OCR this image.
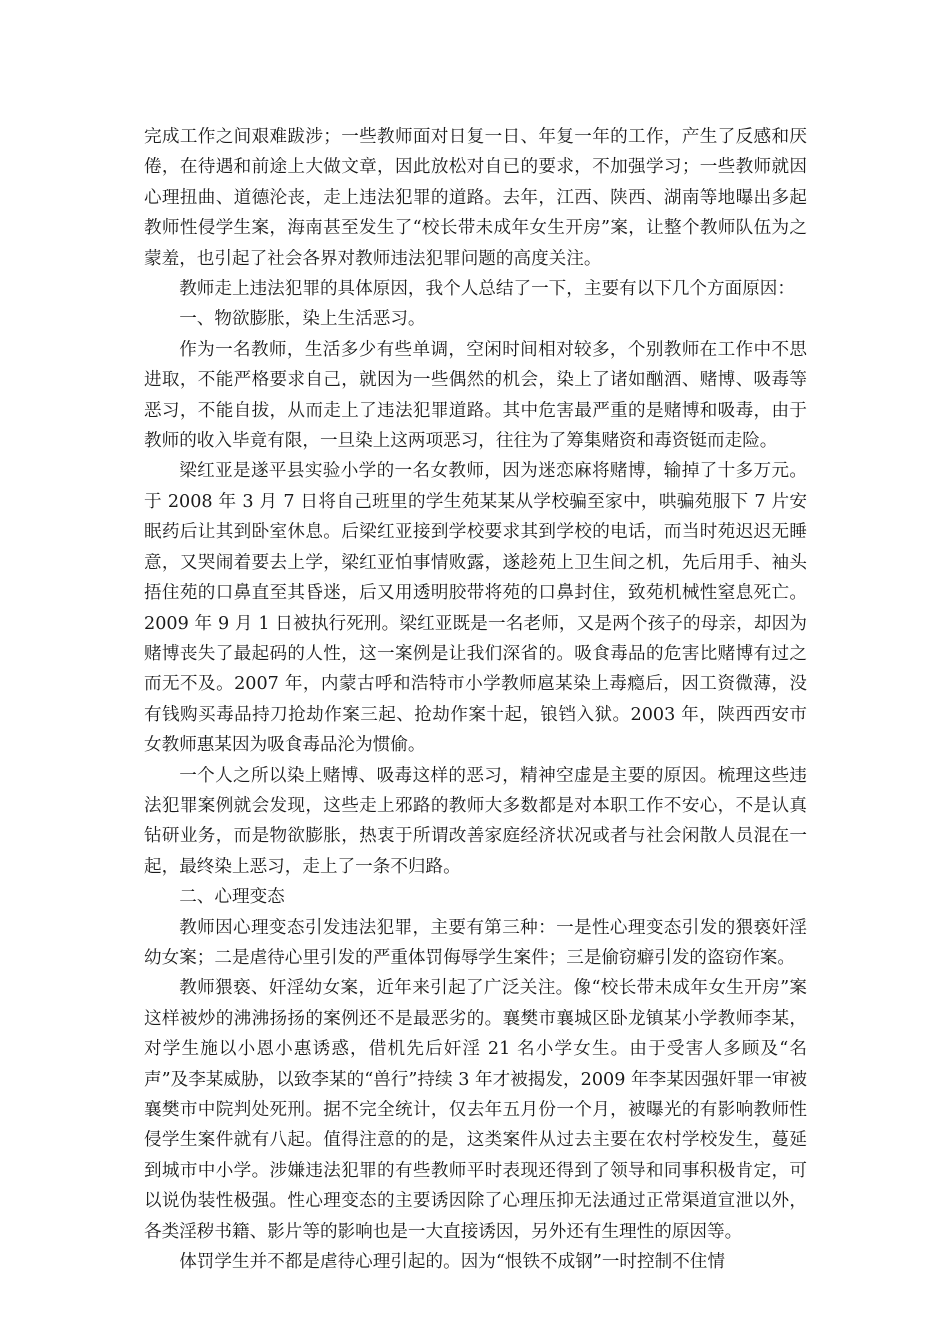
完成工作之间艰难跋涉；一些教师面对日复一日、年复一年的工作，产生了反感和厌倦，在待遇和前途上大做文章，因此放松对自已的要求，不加强学习；一些教师就因心理扭曲、道德沦丧，走上违法犯罪的道路。去年，江西、陕西、湖南等地曝出多起教师性侵学生案，海南甚至发生了“校长带未成年女生开房”案，让整个教师队伍为之蒙羞，也引起了社会各界对教师违法犯罪问题的高度关注。

教师走上违法犯罪的具体原因，我个人总结了一下，主要有以下几个方面原因：

一、物欲膨胀，染上生活恶习。

作为一名教师，生活多少有些单调，空闲时间相对较多，个别教师在工作中不思进取，不能严格要求自己，就因为一些偶然的机会，染上了诸如酗酒、赌博、吸毒等恶习，不能自拔，从而走上了违法犯罪道路。其中危害最严重的是赌博和吸毒，由于教师的收入毕竟有限，一旦染上这两项恶习，往往为了筹集赌资和毒资铤而走险。

梁红亚是遂平县实验小学的一名女教师，因为迷恋麻将赌博，输掉了十多万元。于 2008 年 3 月 7 日将自己班里的学生苑某某从学校骗至家中，哄骗苑服下 7 片安眠药后让其到卧室休息。后梁红亚接到学校要求其到学校的电话，而当时苑迟迟无睡意，又哭闹着要去上学，梁红亚怕事情败露，遂趁苑上卫生间之机，先后用手、袖头捂住苑的口鼻直至其昏迷，后又用透明胶带将苑的口鼻封住，致苑机械性窒息死亡。2009 年 9 月 1 日被执行死刑。梁红亚既是一名老师，又是两个孩子的母亲，却因为赌博丧失了最起码的人性，这一案例是让我们深省的。吸食毒品的危害比赌博有过之而无不及。2007 年，内蒙古呼和浩特市小学教师扈某染上毒瘾后，因工资微薄，没有钱购买毒品持刀抢劫作案三起、抢劫作案十起，锒铛入狱。2003 年，陕西西安市女教师惠某因为吸食毒品沦为惯偷。

一个人之所以染上赌博、吸毒这样的恶习，精神空虚是主要的原因。梳理这些违法犯罪案例就会发现，这些走上邪路的教师大多数都是对本职工作不安心，不是认真钻研业务，而是物欲膨胀，热衷于所谓改善家庭经济状况或者与社会闲散人员混在一起，最终染上恶习，走上了一条不归路。

二、心理变态

教师因心理变态引发违法犯罪，主要有第三种：一是性心理变态引发的猥亵奸淫幼女案；二是虐待心里引发的严重体罚侮辱学生案件；三是偷窃癖引发的盗窃作案。

教师猥亵、奸淫幼女案，近年来引起了广泛关注。像“校长带未成年女生开房”案这样被炒的沸沸扬扬的案例还不是最恶劣的。襄樊市襄城区卧龙镇某小学教师李某，对学生施以小恩小惠诱惑，借机先后奸淫 21 名小学女生。由于受害人多顾及“名声”及李某威胁，以致李某的“兽行”持续 3 年才被揭发，2009 年李某因强奸罪一审被襄樊市中院判处死刑。据不完全统计，仅去年五月份一个月，被曝光的有影响教师性侵学生案件就有八起。值得注意的的是，这类案件从过去主要在农村学校发生，蔓延到城市中小学。涉嫌违法犯罪的有些教师平时表现还得到了领导和同事积极肯定，可以说伪装性极强。性心理变态的主要诱因除了心理压抑无法通过正常渠道宣泄以外，各类淫秽书籍、影片等的影响也是一大直接诱因，另外还有生理性的原因等。

体罚学生并不都是虐待心理引起的。因为“恨铁不成钢”一时控制不住情
